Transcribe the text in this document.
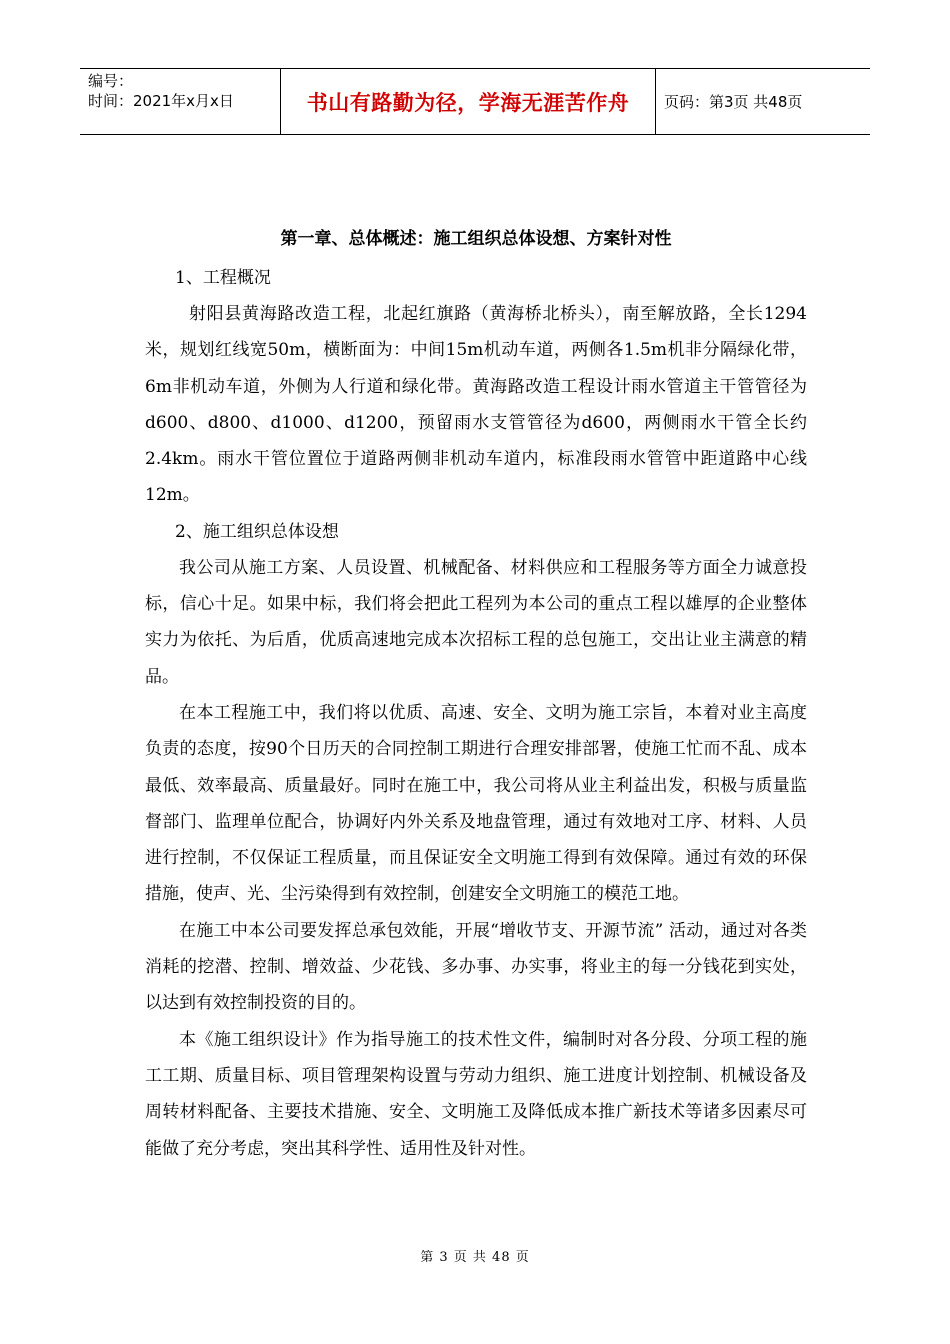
编号：
时间：2021年x月x日	书山有路勤为径，学海无涯苦作舟	页码：第3页 共48页
第一章、总体概述：施工组织总体设想、方案针对性

1、工程概况

射阳县黄海路改造工程，北起红旗路（黄海桥北桥头），南至解放路，全长1294米，规划红线宽50m，横断面为：中间15m机动车道，两侧各1.5m机非分隔绿化带，6m非机动车道，外侧为人行道和绿化带。黄海路改造工程设计雨水管道主干管管径为d600、d800、d1000、d1200，预留雨水支管管径为d600，两侧雨水干管全长约2.4km。雨水干管位置位于道路两侧非机动车道内，标准段雨水管管中距道路中心线12m。

2、施工组织总体设想

我公司从施工方案、人员设置、机械配备、材料供应和工程服务等方面全力诚意投标，信心十足。如果中标，我们将会把此工程列为本公司的重点工程以雄厚的企业整体实力为依托、为后盾，优质高速地完成本次招标工程的总包施工，交出让业主满意的精品。

在本工程施工中，我们将以优质、高速、安全、文明为施工宗旨，本着对业主高度负责的态度，按90个日历天的合同控制工期进行合理安排部署，使施工忙而不乱、成本最低、效率最高、质量最好。同时在施工中，我公司将从业主利益出发，积极与质量监督部门、监理单位配合，协调好内外关系及地盘管理，通过有效地对工序、材料、人员进行控制，不仅保证工程质量，而且保证安全文明施工得到有效保障。通过有效的环保措施，使声、光、尘污染得到有效控制，创建安全文明施工的模范工地。

在施工中本公司要发挥总承包效能，开展“增收节支、开源节流” 活动，通过对各类消耗的挖潜、控制、增效益、少花钱、多办事、办实事，将业主的每一分钱花到实处，以达到有效控制投资的目的。

本《施工组织设计》作为指导施工的技术性文件，编制时对各分段、分项工程的施工工期、质量目标、项目管理架构设置与劳动力组织、施工进度计划控制、机械设备及周转材料配备、主要技术措施、安全、文明施工及降低成本推广新技术等诸多因素尽可能做了充分考虑，突出其科学性、适用性及针对性。

第 3 页 共 48 页
